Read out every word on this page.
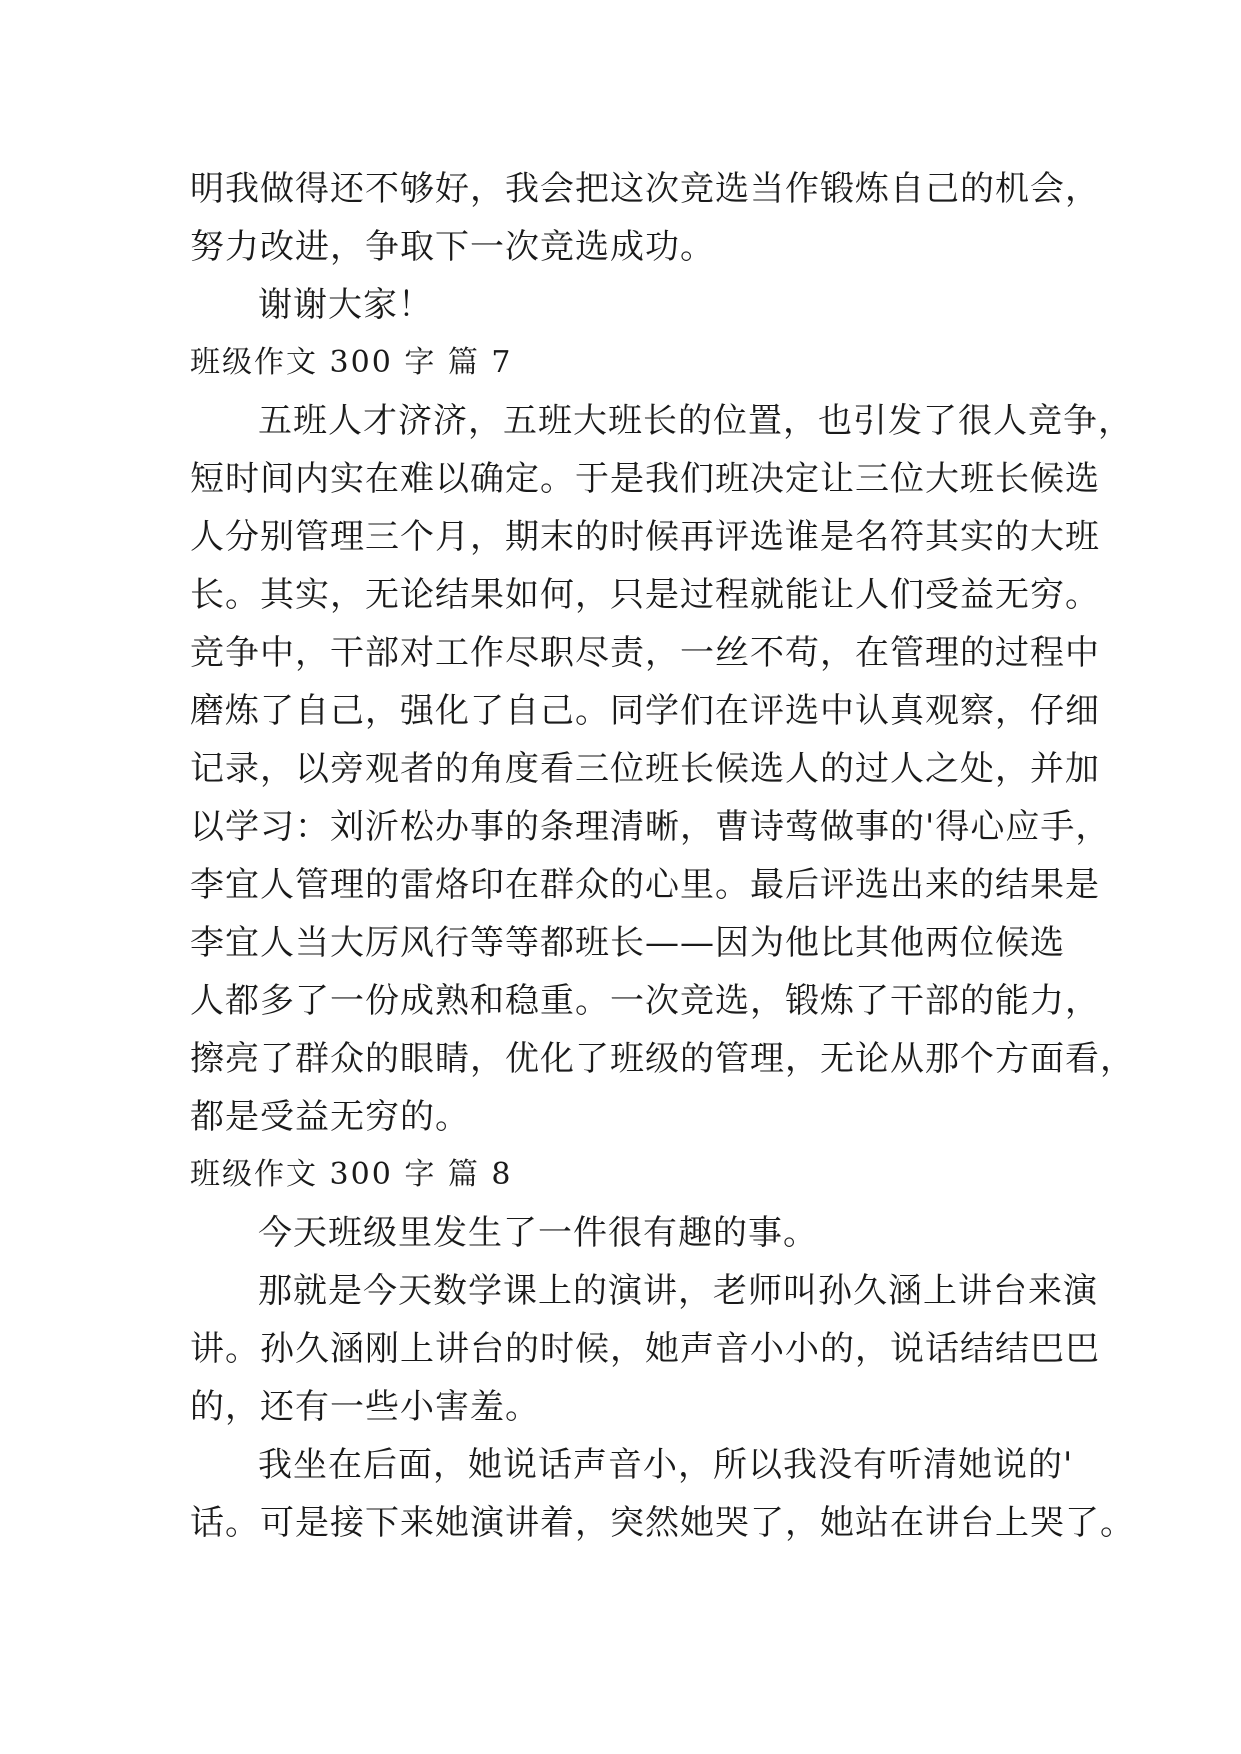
明我做得还不够好，我会把这次竞选当作锻炼自己的机会，
努力改进，争取下一次竞选成功。
谢谢大家！
班级作文 300 字 篇 7
五班人才济济，五班大班长的位置，也引发了很人竞争，
短时间内实在难以确定。于是我们班决定让三位大班长候选
人分别管理三个月，期末的时候再评选谁是名符其实的大班
长。其实，无论结果如何，只是过程就能让人们受益无穷。
竞争中，干部对工作尽职尽责，一丝不苟，在管理的过程中
磨炼了自己，强化了自己。同学们在评选中认真观察，仔细
记录，以旁观者的角度看三位班长候选人的过人之处，并加
以学习：刘沂松办事的条理清晰，曹诗莺做事的'得心应手，
李宜人管理的雷烙印在群众的心里。最后评选出来的结果是
李宜人当大厉风行等等都班长——因为他比其他两位候选
人都多了一份成熟和稳重。一次竞选，锻炼了干部的能力，
擦亮了群众的眼睛，优化了班级的管理，无论从那个方面看，
都是受益无穷的。
班级作文 300 字 篇 8
今天班级里发生了一件很有趣的事。
那就是今天数学课上的演讲，老师叫孙久涵上讲台来演
讲。孙久涵刚上讲台的时候，她声音小小的，说话结结巴巴
的，还有一些小害羞。
我坐在后面，她说话声音小，所以我没有听清她说的'
话。可是接下来她演讲着，突然她哭了，她站在讲台上哭了。
